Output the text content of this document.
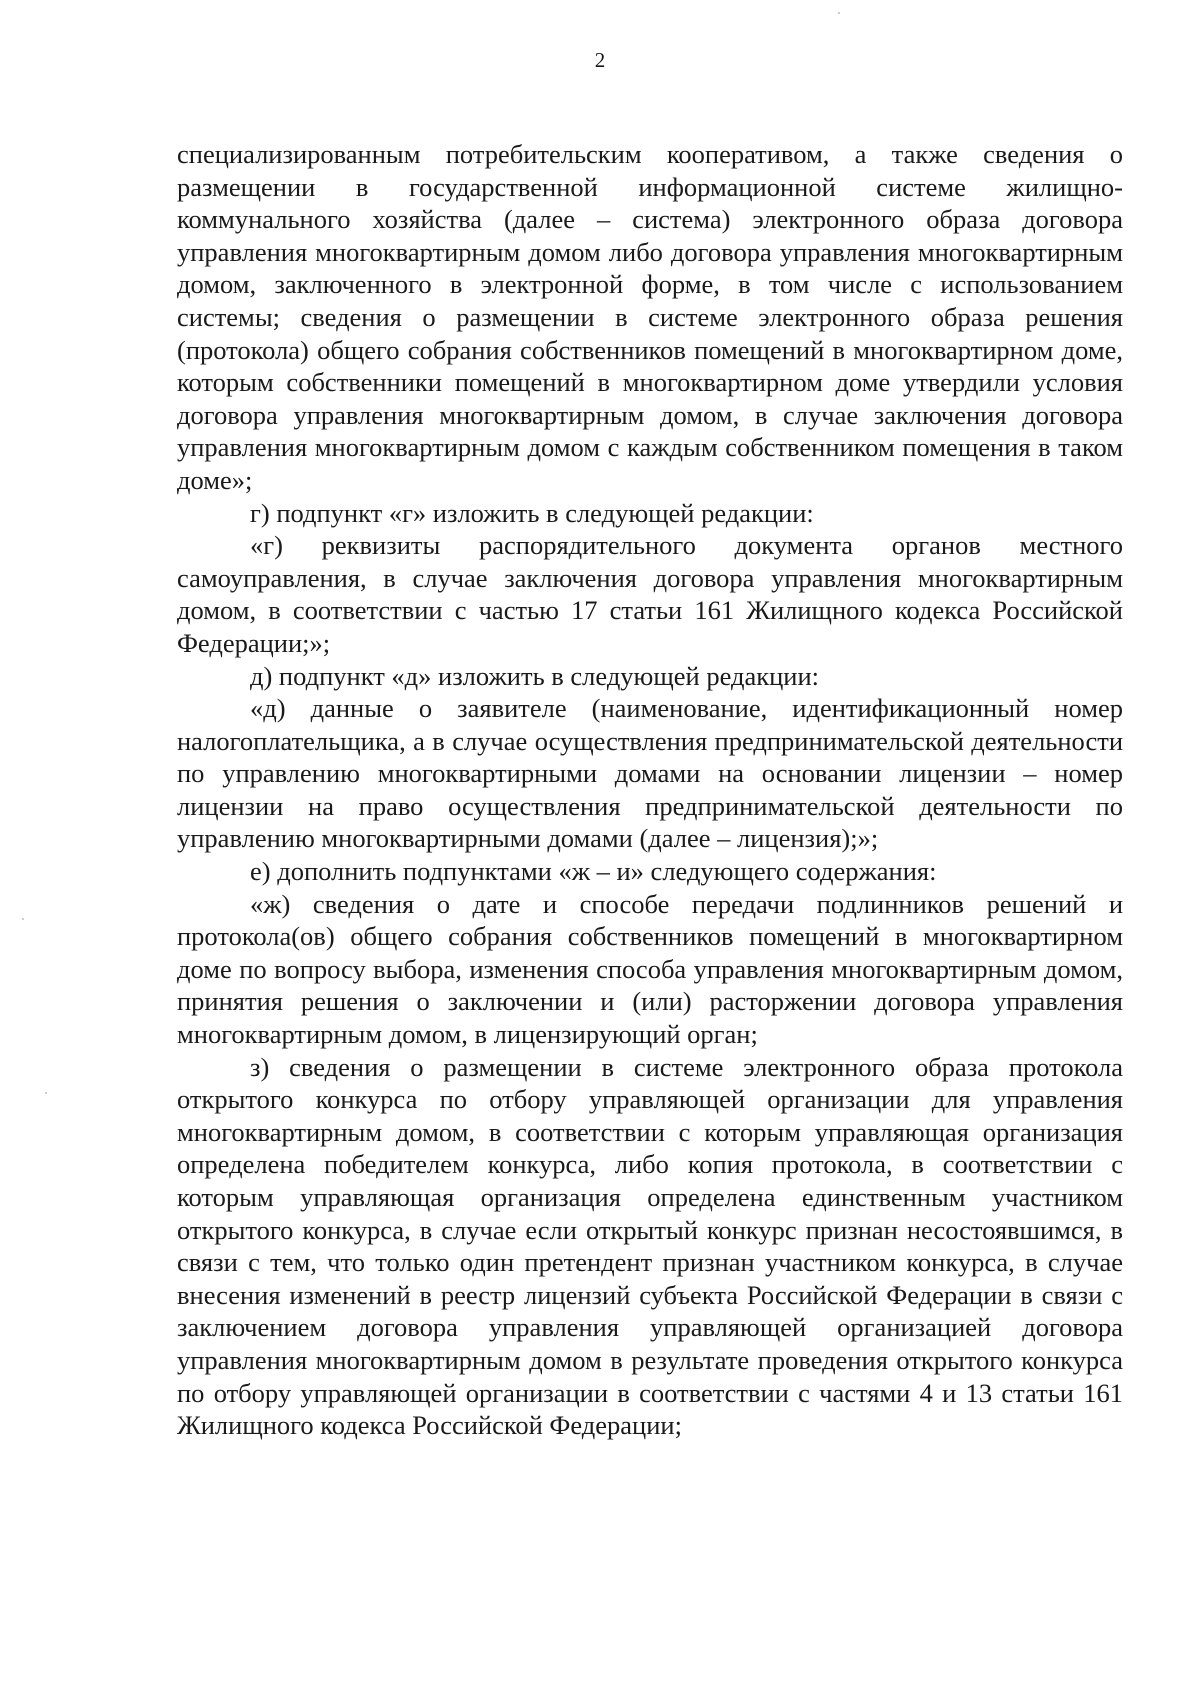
2

специализированным потребительским кооперативом, а также сведения о размещении в государственной информационной системе жилищно-коммунального хозяйства (далее – система) электронного образа договора управления многоквартирным домом либо договора управления многоквартирным домом, заключенного в электронной форме, в том числе с использованием системы; сведения о размещении в системе электронного образа решения (протокола) общего собрания собственников помещений в многоквартирном доме, которым собственники помещений в многоквартирном доме утвердили условия договора управления многоквартирным домом, в случае заключения договора управления многоквартирным домом с каждым собственником помещения в таком доме»;

г) подпункт «г» изложить в следующей редакции:

«г) реквизиты распорядительного документа органов местного самоуправления, в случае заключения договора управления многоквартирным домом, в соответствии с частью 17 статьи 161 Жилищного кодекса Российской Федерации;»;

д) подпункт «д» изложить в следующей редакции:

«д) данные о заявителе (наименование, идентификационный номер налогоплательщика, а в случае осуществления предпринимательской деятельности по управлению многоквартирными домами на основании лицензии – номер лицензии на право осуществления предпринимательской деятельности по управлению многоквартирными домами (далее – лицензия);»;

е) дополнить подпунктами «ж – и» следующего содержания:

«ж) сведения о дате и способе передачи подлинников решений и протокола(ов) общего собрания собственников помещений в многоквартирном доме по вопросу выбора, изменения способа управления многоквартирным домом, принятия решения о заключении и (или) расторжении договора управления многоквартирным домом, в лицензирующий орган;

з) сведения о размещении в системе электронного образа протокола открытого конкурса по отбору управляющей организации для управления многоквартирным домом, в соответствии с которым управляющая организация определена победителем конкурса, либо копия протокола, в соответствии с которым управляющая организация определена единственным участником открытого конкурса, в случае если открытый конкурс признан несостоявшимся, в связи с тем, что только один претендент признан участником конкурса, в случае внесения изменений в реестр лицензий субъекта Российской Федерации в связи с заключением договора управления управляющей организацией договора управления многоквартирным домом в результате проведения открытого конкурса по отбору управляющей организации в соответствии с частями 4 и 13 статьи 161 Жилищного кодекса Российской Федерации;
